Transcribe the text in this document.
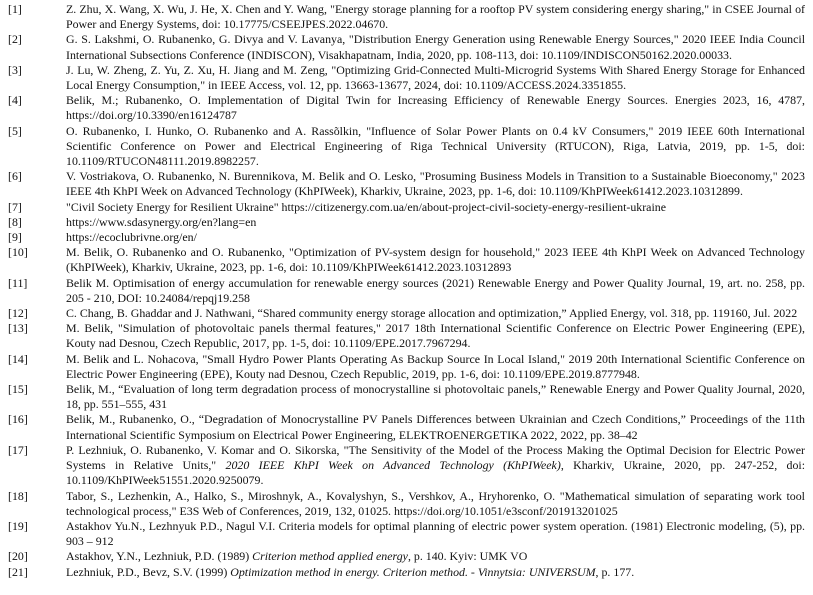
[1]	Z. Zhu, X. Wang, X. Wu, J. He, X. Chen and Y. Wang, "Energy storage planning for a rooftop PV system considering energy sharing," in CSEE Journal of Power and Energy Systems, doi: 10.17775/CSEEJPES.2022.04670.

[2]	G. S. Lakshmi, O. Rubanenko, G. Divya and V. Lavanya, "Distribution Energy Generation using Renewable Energy Sources," 2020 IEEE India Council International Subsections Conference (INDISCON), Visakhapatnam, India, 2020, pp. 108-113, doi: 10.1109/INDISCON50162.2020.00033.

[3]	J. Lu, W. Zheng, Z. Yu, Z. Xu, H. Jiang and M. Zeng, "Optimizing Grid-Connected Multi-Microgrid Systems With Shared Energy Storage for Enhanced Local Energy Consumption," in IEEE Access, vol. 12, pp. 13663-13677, 2024, doi: 10.1109/ACCESS.2024.3351855.

[4]	Belik, M.; Rubanenko, O. Implementation of Digital Twin for Increasing Efficiency of Renewable Energy Sources. Energies 2023, 16, 4787, https://doi.org/10.3390/en16124787

[5]	O. Rubanenko, I. Hunko, O. Rubanenko and A. Rassõlkin, "Influence of Solar Power Plants on 0.4 kV Consumers," 2019 IEEE 60th International Scientific Conference on Power and Electrical Engineering of Riga Technical University (RTUCON), Riga, Latvia, 2019, pp. 1-5, doi: 10.1109/RTUCON48111.2019.8982257.

[6]	V. Vostriakova, O. Rubanenko, N. Burennikova, M. Belik and O. Lesko, "Prosuming Business Models in Transition to a Sustainable Bioeconomy," 2023 IEEE 4th KhPI Week on Advanced Technology (KhPIWeek), Kharkiv, Ukraine, 2023, pp. 1-6, doi: 10.1109/KhPIWeek61412.2023.10312899.

[7]	"Civil Society Energy for Resilient Ukraine" https://citizenergy.com.ua/en/about-project-civil-society-energy-resilient-ukraine

[8]	https://www.sdasynergy.org/en?lang=en

[9]	https://ecoclubrivne.org/en/

[10]	M. Belik, O. Rubanenko and O. Rubanenko, "Optimization of PV-system design for household," 2023 IEEE 4th KhPI Week on Advanced Technology (KhPIWeek), Kharkiv, Ukraine, 2023, pp. 1-6, doi: 10.1109/KhPIWeek61412.2023.10312893

[11]	Belik M. Optimisation of energy accumulation for renewable energy sources (2021) Renewable Energy and Power Quality Journal, 19, art. no. 258, pp. 205 - 210, DOI: 10.24084/repqj19.258

[12]	C. Chang, B. Ghaddar and J. Nathwani, “Shared community energy storage allocation and optimization,” Applied Energy, vol. 318, pp. 119160, Jul. 2022

[13]	M. Belik, "Simulation of photovoltaic panels thermal features," 2017 18th International Scientific Conference on Electric Power Engineering (EPE), Kouty nad Desnou, Czech Republic, 2017, pp. 1-5, doi: 10.1109/EPE.2017.7967294.

[14]	M. Belik and L. Nohacova, "Small Hydro Power Plants Operating As Backup Source In Local Island," 2019 20th International Scientific Conference on Electric Power Engineering (EPE), Kouty nad Desnou, Czech Republic, 2019, pp. 1-6, doi: 10.1109/EPE.2019.8777948.

[15]	Belik, M., “Evaluation of long term degradation process of monocrystalline si photovoltaic panels,” Renewable Energy and Power Quality Journal, 2020, 18, pp. 551–555, 431

[16]	Belik, M., Rubanenko, O., “Degradation of Monocrystalline PV Panels Differences between Ukrainian and Czech Conditions,” Proceedings of the 11th International Scientific Symposium on Electrical Power Engineering, ELEKTROENERGETIKA 2022, 2022, pp. 38–42

[17]	P. Lezhniuk, O. Rubanenko, V. Komar and O. Sikorska, "The Sensitivity of the Model of the Process Making the Optimal Decision for Electric Power Systems in Relative Units," 2020 IEEE KhPI Week on Advanced Technology (KhPIWeek), Kharkiv, Ukraine, 2020, pp. 247-252, doi: 10.1109/KhPIWeek51551.2020.9250079.

[18]	Tabor, S., Lezhenkin, A., Halko, S., Miroshnyk, A., Kovalyshyn, S., Vershkov, A., Hryhorenko, O. "Mathematical simulation of separating work tool technological process," E3S Web of Conferences, 2019, 132, 01025. https://doi.org/10.1051/e3sconf/201913201025

[19]	Astakhov Yu.N., Lezhnyuk P.D., Nagul V.I. Criteria models for optimal planning of electric power system operation. (1981) Electronic modeling, (5), pp. 903 – 912

[20]	Astakhov, Y.N., Lezhniuk, P.D. (1989) Criterion method applied energy, p. 140. Kyiv: UMK VO

[21]	Lezhniuk, P.D., Bevz, S.V. (1999) Optimization method in energy. Criterion method. - Vinnytsia: UNIVERSUM, p. 177.
